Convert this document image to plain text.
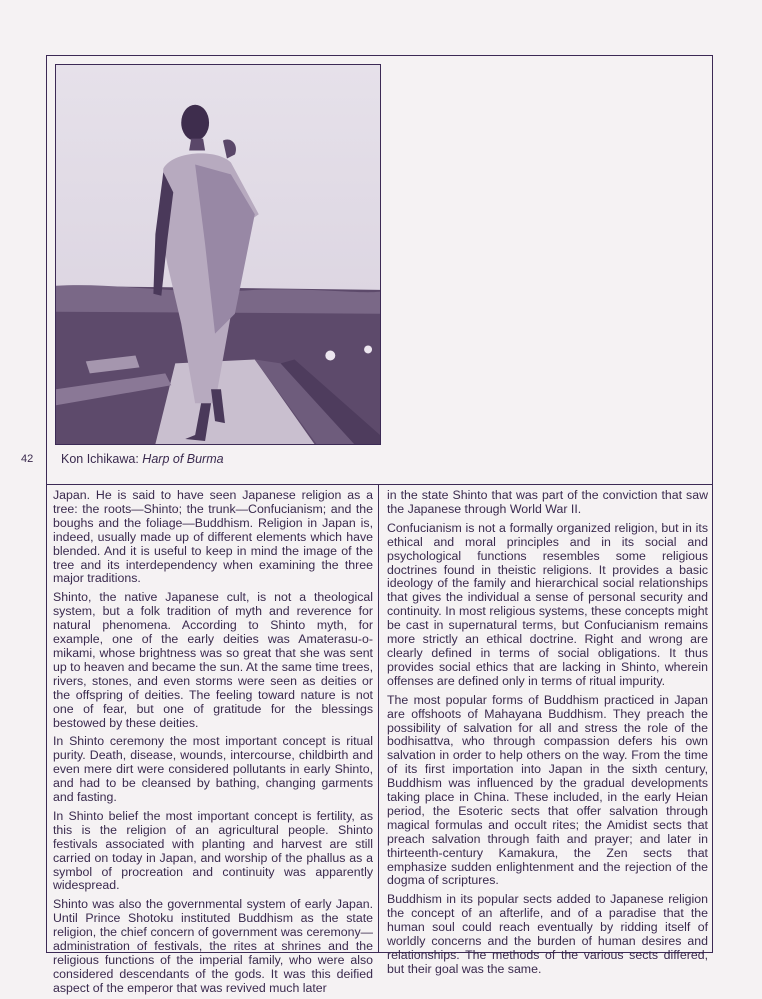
Kon Ichikawa: Harp of Burma

Japan. He is said to have seen Japanese religion as a tree: the roots—Shinto; the trunk—Confucianism; and the boughs and the foliage—Buddhism. Religion in Japan is, indeed, usually made up of different elements which have blended. And it is useful to keep in mind the image of the tree and its interdependency when examining the three major traditions.

Shinto, the native Japanese cult, is not a theological system, but a folk tradition of myth and reverence for natural phenomena. According to Shinto myth, for example, one of the early deities was Amaterasu-o-mikami, whose brightness was so great that she was sent up to heaven and became the sun. At the same time trees, rivers, stones, and even storms were seen as deities or the offspring of deities. The feeling toward nature is not one of fear, but one of gratitude for the blessings bestowed by these deities.

In Shinto ceremony the most important concept is ritual purity. Death, disease, wounds, intercourse, childbirth and even mere dirt were considered pollutants in early Shinto, and had to be cleansed by bathing, changing garments and fasting.

In Shinto belief the most important concept is fertility, as this is the religion of an agricultural people. Shinto festivals associated with planting and harvest are still carried on today in Japan, and worship of the phallus as a symbol of procreation and continuity was apparently widespread.

Shinto was also the governmental system of early Japan. Until Prince Shotoku instituted Buddhism as the state religion, the chief concern of government was ceremony—administration of festivals, the rites at shrines and the religious functions of the imperial family, who were also considered descendants of the gods. It was this deified aspect of the emperor that was revived much later

in the state Shinto that was part of the conviction that saw the Japanese through World War II.

Confucianism is not a formally organized religion, but in its ethical and moral principles and in its social and psychological functions resembles some religious doctrines found in theistic religions. It provides a basic ideology of the family and hierarchical social relationships that gives the individual a sense of personal security and continuity. In most religious systems, these concepts might be cast in supernatural terms, but Confucianism remains more strictly an ethical doctrine. Right and wrong are clearly defined in terms of social obligations. It thus provides social ethics that are lacking in Shinto, wherein offenses are defined only in terms of ritual impurity.

The most popular forms of Buddhism practiced in Japan are offshoots of Mahayana Buddhism. They preach the possibility of salvation for all and stress the role of the bodhisattva, who through compassion defers his own salvation in order to help others on the way. From the time of its first importation into Japan in the sixth century, Buddhism was influenced by the gradual developments taking place in China. These included, in the early Heian period, the Esoteric sects that offer salvation through magical formulas and occult rites; the Amidist sects that preach salvation through faith and prayer; and later in thirteenth-century Kamakura, the Zen sects that emphasize sudden enlightenment and the rejection of the dogma of scriptures.

Buddhism in its popular sects added to Japanese religion the concept of an afterlife, and of a paradise that the human soul could reach eventually by ridding itself of worldly concerns and the burden of human desires and relationships. The methods of the various sects differed, but their goal was the same.

42
